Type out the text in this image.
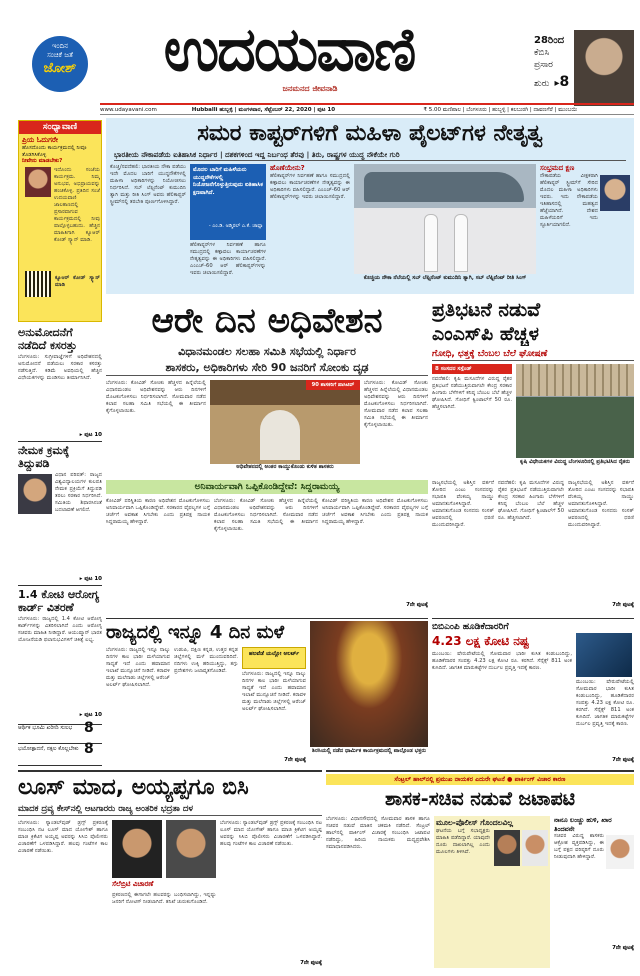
ಇಂದಿನ
ಸಂಚಿಕೆ ಜತೆ
ಜೋಶ್	ಉದಯವಾಣಿ
ಜನಮನದ ಜೀವನಾಡಿ
28ರಿಂದ
ಕೆಬಿಸಿ
ಪ್ರಸಾರ
ಶುರು ▸8
www.udayavani.com	Hubballi ಹುಬ್ಬಳ್ಳಿ | ಮಂಗಳವಾರ, ಸೆಪ್ಟೆಂಬರ್ 22, 2020 | ಪುಟ 10	₹ 5.00 ಮಣಿಪಾಲ | ಬೆಂಗಳೂರು | ಹುಬ್ಬಳ್ಳಿ | ಕಲಬುರಗಿ | ದಾವಣಗೆರೆ | ಮುಂಬಯಿ
ಸಂಧ್ಯಾವಾಣಿ
ಪ್ರಿಯ ಓದುಗರೇ
ಹೊಸದೊಂದು ಕಾರ್ಯಕ್ರಮದಲ್ಲಿ ನೀವೂ ತೊಡಗಿಸಿಕೊಳ್ಳಿ
ನೀವೇನು ಮಾಡಬೇಕು?
ಇದೊಂದು ಸಂಜೆಯ ಕಾರ್ಯಕ್ರಮ. ನಿಮ್ಮ ಅನುಭವ, ಅಭಿಪ್ರಾಯವನ್ನು ಹಂಚಿಕೊಳ್ಳಿ. ಪ್ರತಿದಿನ ಸಂಜೆ ಉದಯವಾಣಿ ಜಾಲತಾಣದಲ್ಲಿ ಪ್ರಸಾರವಾಗುವ ಕಾರ್ಯಕ್ರಮದಲ್ಲಿ ನೀವು ಪಾಲ್ಗೊಳ್ಳಬಹುದು. ಹೆಚ್ಚಿನ ಮಾಹಿತಿಗಾಗಿ ಕ್ಯೂಆರ್ ಕೋಡ್ ಸ್ಕ್ಯಾನ್ ಮಾಡಿ.
ಕ್ಯೂಆರ್ ಕೋಡ್ ಸ್ಕ್ಯಾನ್ ಮಾಡಿ
ಅನುಮೋದನೆಗೆ ನಡೆದಿದೆ ಕಸರತ್ತು
ಬೆಂಗಳೂರು: ಸುಗ್ರೀವಾಜ್ಞೆಗಳಿಗೆ ಅಧಿವೇಶನದಲ್ಲಿ ಅನುಮೋದನೆ ಪಡೆಯಲು ಸರಕಾರ ಕಸರತ್ತು ನಡೆಸುತ್ತಿದೆ. ಕಡಿಮೆ ಅವಧಿಯಲ್ಲಿ ಹೆಚ್ಚಿನ ವಿಧೇಯಕಗಳನ್ನು ಮಂಡಿಸಲು ತೀರ್ಮಾನಿಸಿದೆ.
▸ ಪುಟ 10
ನೇಮಕ ಕ್ರಮಕ್ಕೆ ತಿದ್ದುಪಡಿ
ವಿಧಾನ ಪರಿಷತ್: ರಾಜ್ಯದ ವಿಶ್ವವಿದ್ಯಾಲಯಗಳ ಕುಲಪತಿ ನೇಮಕ ಪ್ರಕ್ರಿಯೆಗೆ ತಿದ್ದುಪಡಿ ತರಲು ಸರಕಾರ ನಿರ್ಧರಿಸಿದೆ. ಸಮಿತಿಯ ಶಿಫಾರಸಿನಂತೆ ಬದಲಾವಣೆ ಆಗಲಿದೆ.
▸ ಪುಟ 10
1.4 ಕೋಟಿ ಆರೋಗ್ಯ ಕಾರ್ಡ್ ವಿತರಣೆ
ಬೆಂಗಳೂರು: ರಾಜ್ಯದಲ್ಲಿ 1.4 ಕೋಟಿ ಆರೋಗ್ಯ ಕಾರ್ಡ್‌ಗಳನ್ನು ವಿತರಿಸಲಾಗಿದೆ ಎಂದು ಆರೋಗ್ಯ ಸಚಿವರು ಮಾಹಿತಿ ನೀಡಿದ್ದಾರೆ. ಆಯುಷ್ಮಾನ್ ಭಾರತ ಯೋಜನೆಯಡಿ ಫಲಾನುಭವಿಗಳಿಗೆ ಚಿಕಿತ್ಸೆ ಲಭ್ಯ.
▸ ಪುಟ 10
ಆರ್ಥಿಕ ಭೂಮಿ ಖರೀದಿ ಸುಲಭ 8
ಭಯೋತ್ಪಾದನೆ, ನಕ್ಸಲ ಕೊಲ್ಲಬೇಕು 8
ಸಮರ ಕಾಪ್ಟರ್‌ಗಳಿಗೆ ಮಹಿಳಾ ಪೈಲಟ್‌ಗಳ ನೇತೃತ್ವ
ಭಾರತೀಯ ನೌಕಾಪಡೆಯ ಐತಿಹಾಸಿಕ ನಿರ್ಧಾರ | ದಶಕಗಳಿಂದ ಇದ್ದ ನಿರ್ಬಂಧ ತೆರವು | ತಿರು, ರಾಷ್ಟ್ರಗಳ ಯುದ್ಧ ನೌಕೆಯೇ ಗುರಿ
ಕೊಚ್ಚಿ/ನವದೆಹಲಿ: ಭಾರತೀಯ ನೌಕಾ ಪಡೆಯು ಇದೇ ಮೊದಲ ಬಾರಿಗೆ ಯುದ್ಧನೌಕೆಗಳಲ್ಲಿ ಮಹಿಳಾ ಅಧಿಕಾರಿಗಳನ್ನು ನಿಯೋಜಿಸಲು ನಿರ್ಧರಿಸಿದೆ. ಸಬ್ ಲೆಫ್ಟಿನೆಂಟ್ ಕುಮುದಿನಿ ತ್ಯಾಗಿ ಮತ್ತು ರೀತಿ ಸಿಂಗ್ ಅವರು ಹೆಲಿಕಾಪ್ಟರ್ ಸ್ಟ್ರೀಮ್‌ನಲ್ಲಿ ತರಬೇತಿ ಪೂರ್ಣಗೊಳಿಸಿದ್ದಾರೆ.
ಮೊದಲ ಬಾರಿಗೆ ಮಹಿಳೆಯರು ಯುದ್ಧನೌಕೆಗಳಲ್ಲಿ ನಿಯೋಜನೆಗೊಳ್ಳುತ್ತಿರುವುದು ಐತಿಹಾಸಿಕ ಕ್ಷಣವಾಗಿದೆ.
- ಎಂ.ಡಿ. ಅಡ್ಮಿರಲ್ ಎ.ಕೆ. ಚಾವ್ಲಾ
ಹೆಲಿಕಾಪ್ಟರ್‌ಗಳ ನಿರ್ವಹಣೆ ಹಾಗೂ ಸಮುದ್ರದಲ್ಲಿ ಕಣ್ಗಾವಲು ಕಾರ್ಯಾಚರಣೆಗಳ ನೇತೃತ್ವವನ್ನು ಈ ಅಧಿಕಾರಿಗಳು ವಹಿಸಲಿದ್ದಾರೆ. ಎಂಎಚ್-60 ಆರ್ ಹೆಲಿಕಾಪ್ಟರ್‌ಗಳನ್ನು ಇವರು ಚಲಾಯಿಸಲಿದ್ದಾರೆ.
ಹೊಣೆಯೇನು?
ಹೆಲಿಕಾಪ್ಟರ್‌ಗಳ ನಿರ್ವಹಣೆ ಹಾಗೂ ಸಮುದ್ರದಲ್ಲಿ ಕಣ್ಗಾವಲು ಕಾರ್ಯಾಚರಣೆಗಳ ನೇತೃತ್ವವನ್ನು ಈ ಅಧಿಕಾರಿಗಳು ವಹಿಸಲಿದ್ದಾರೆ. ಎಂಎಚ್-60 ಆರ್ ಹೆಲಿಕಾಪ್ಟರ್‌ಗಳನ್ನು ಇವರು ಚಲಾಯಿಸಲಿದ್ದಾರೆ.
ಕೊಚ್ಚಿಯ ನೌಕಾ ನೆಲೆಯಲ್ಲಿ ಸಬ್ ಲೆಫ್ಟಿನೆಂಟ್ ಕುಮುದಿನಿ ತ್ಯಾಗಿ, ಸಬ್ ಲೆಫ್ಟಿನೆಂಟ್ ರೀತಿ ಸಿಂಗ್
ಸಂಭ್ರಮದ ಕ್ಷಣ
ನೌಕಾಪಡೆಯ ವೀಕ್ಷಕರಾಗಿ ಹೆಲಿಕಾಪ್ಟರ್ ಸ್ಟ್ರೀಮ್‌ಗೆ ಸೇರಿದ ಮೊದಲ ಮಹಿಳಾ ಅಧಿಕಾರಿಗಳು ಇವರು. ಇದು ನೌಕಾಪಡೆಯ ಇತಿಹಾಸದಲ್ಲಿ ಮಹತ್ವದ ಹೆಜ್ಜೆಯಾಗಿದೆ. ದೇಶದ ಮಹಿಳೆಯರಿಗೆ ಇದು ಸ್ಫೂರ್ತಿಯಾಗಲಿದೆ.
ಆರೇ ದಿನ ಅಧಿವೇಶನ
ವಿಧಾನಮಂಡಲ ಸಲಹಾ ಸಮಿತಿ ಸಭೆಯಲ್ಲಿ ನಿರ್ಧಾರ
ಶಾಸಕರು, ಅಧಿಕಾರಿಗಳು ಸೇರಿ 90 ಜನರಿಗೆ ಸೋಂಕು ದೃಢ
ಬೆಂಗಳೂರು: ಕೋವಿಡ್ ಸೋಂಕು ಹೆಚ್ಚಳದ ಹಿನ್ನೆಲೆಯಲ್ಲಿ ವಿಧಾನಮಂಡಲ ಅಧಿವೇಶನವನ್ನು ಆರು ದಿನಗಳಿಗೆ ಮೊಟಕುಗೊಳಿಸಲು ನಿರ್ಧರಿಸಲಾಗಿದೆ. ಸೋಮವಾರ ನಡೆದ ಕಲಾಪ ಸಲಹಾ ಸಮಿತಿ ಸಭೆಯಲ್ಲಿ ಈ ತೀರ್ಮಾನ ಕೈಗೊಳ್ಳಲಾಯಿತು.
90 ಶಾಸಕರಿಗೆ ಪಾಸಿಟಿವ್
ಅಧಿವೇಶನದಲ್ಲಿ ಅಂತರ ಕಾಯ್ದುಕೊಂಡು ಕುಳಿತ ಶಾಸಕರು
ಬೆಂಗಳೂರು: ಕೋವಿಡ್ ಸೋಂಕು ಹೆಚ್ಚಳದ ಹಿನ್ನೆಲೆಯಲ್ಲಿ ವಿಧಾನಮಂಡಲ ಅಧಿವೇಶನವನ್ನು ಆರು ದಿನಗಳಿಗೆ ಮೊಟಕುಗೊಳಿಸಲು ನಿರ್ಧರಿಸಲಾಗಿದೆ. ಸೋಮವಾರ ನಡೆದ ಕಲಾಪ ಸಲಹಾ ಸಮಿತಿ ಸಭೆಯಲ್ಲಿ ಈ ತೀರ್ಮಾನ ಕೈಗೊಳ್ಳಲಾಯಿತು.
ಅನಿವಾರ್ಯವಾಗಿ ಒಪ್ಪಿಕೊಂಡಿದ್ದೇವೆ: ಸಿದ್ದರಾಮಯ್ಯ
ಕೋವಿಡ್ ಪರಿಸ್ಥಿತಿಯ ಕಾರಣ ಅಧಿವೇಶನ ಮೊಟಕುಗೊಳಿಸಲು ಅನಿವಾರ್ಯವಾಗಿ ಒಪ್ಪಿಕೊಂಡಿದ್ದೇವೆ. ಸರಕಾರದ ವೈಫಲ್ಯಗಳ ಬಗ್ಗೆ ಚರ್ಚೆಗೆ ಅವಕಾಶ ಸಿಗಬೇಕು ಎಂದು ಪ್ರತಿಪಕ್ಷ ನಾಯಕ ಸಿದ್ದರಾಮಯ್ಯ ಹೇಳಿದ್ದಾರೆ.
ಬೆಂಗಳೂರು: ಕೋವಿಡ್ ಸೋಂಕು ಹೆಚ್ಚಳದ ಹಿನ್ನೆಲೆಯಲ್ಲಿ ವಿಧಾನಮಂಡಲ ಅಧಿವೇಶನವನ್ನು ಆರು ದಿನಗಳಿಗೆ ಮೊಟಕುಗೊಳಿಸಲು ನಿರ್ಧರಿಸಲಾಗಿದೆ. ಸೋಮವಾರ ನಡೆದ ಕಲಾಪ ಸಲಹಾ ಸಮಿತಿ ಸಭೆಯಲ್ಲಿ ಈ ತೀರ್ಮಾನ ಕೈಗೊಳ್ಳಲಾಯಿತು.
ಕೋವಿಡ್ ಪರಿಸ್ಥಿತಿಯ ಕಾರಣ ಅಧಿವೇಶನ ಮೊಟಕುಗೊಳಿಸಲು ಅನಿವಾರ್ಯವಾಗಿ ಒಪ್ಪಿಕೊಂಡಿದ್ದೇವೆ. ಸರಕಾರದ ವೈಫಲ್ಯಗಳ ಬಗ್ಗೆ ಚರ್ಚೆಗೆ ಅವಕಾಶ ಸಿಗಬೇಕು ಎಂದು ಪ್ರತಿಪಕ್ಷ ನಾಯಕ ಸಿದ್ದರಾಮಯ್ಯ ಹೇಳಿದ್ದಾರೆ.
7ನೇ ಪುಟಕ್ಕೆ
ಪ್ರತಿಭಟನೆ ನಡುವೆ
ಎಂಎಸ್‌ಪಿ ಹೆಚ್ಚಳ
ಗೋಧಿ, ಛತ್ತಕ್ಕೆ ಬೆಂಬಲ ಬೆಲೆ ಘೋಷಣೆ
8 ಸಂಸದರ ಸಸ್ಪೆಂಡ್
ನವದೆಹಲಿ: ಕೃಷಿ ಮಸೂದೆಗಳ ವಿರುದ್ಧ ರೈತರ ಪ್ರತಿಭಟನೆ ನಡೆಯುತ್ತಿರುವಾಗಲೇ ಕೇಂದ್ರ ಸರಕಾರ ಹಿಂಗಾರು ಬೆಳೆಗಳಿಗೆ ಕನಿಷ್ಠ ಬೆಂಬಲ ಬೆಲೆ ಹೆಚ್ಚಳ ಘೋಷಿಸಿದೆ. ಗೋಧಿಗೆ ಕ್ವಿಂಟಾಲ್‌ಗೆ 50 ರೂ. ಹೆಚ್ಚಿಸಲಾಗಿದೆ.
ಕೃಷಿ ವಿಧೇಯಕಗಳ ವಿರುದ್ಧ ಬೆಂಗಳೂರಿನಲ್ಲಿ ಪ್ರತಿಭಟಿಸಿದ ರೈತರು
ರಾಜ್ಯಸಭೆಯಲ್ಲಿ ಅಶಿಸ್ತಿನ ವರ್ತನೆ ತೋರಿದ ಎಂಟು ಸಂಸದರನ್ನು ಸಭಾಪತಿ ವೆಂಕಯ್ಯ ನಾಯ್ಡು ಅಮಾನತುಗೊಳಿಸಿದ್ದಾರೆ. ಅಮಾನತುಗೊಂಡ ಸಂಸದರು ಸಂಸತ್ ಆವರಣದಲ್ಲಿ ಧರಣಿ ಮುಂದುವರಿಸಿದ್ದಾರೆ.
ನವದೆಹಲಿ: ಕೃಷಿ ಮಸೂದೆಗಳ ವಿರುದ್ಧ ರೈತರ ಪ್ರತಿಭಟನೆ ನಡೆಯುತ್ತಿರುವಾಗಲೇ ಕೇಂದ್ರ ಸರಕಾರ ಹಿಂಗಾರು ಬೆಳೆಗಳಿಗೆ ಕನಿಷ್ಠ ಬೆಂಬಲ ಬೆಲೆ ಹೆಚ್ಚಳ ಘೋಷಿಸಿದೆ. ಗೋಧಿಗೆ ಕ್ವಿಂಟಾಲ್‌ಗೆ 50 ರೂ. ಹೆಚ್ಚಿಸಲಾಗಿದೆ.
ರಾಜ್ಯಸಭೆಯಲ್ಲಿ ಅಶಿಸ್ತಿನ ವರ್ತನೆ ತೋರಿದ ಎಂಟು ಸಂಸದರನ್ನು ಸಭಾಪತಿ ವೆಂಕಯ್ಯ ನಾಯ್ಡು ಅಮಾನತುಗೊಳಿಸಿದ್ದಾರೆ. ಅಮಾನತುಗೊಂಡ ಸಂಸದರು ಸಂಸತ್ ಆವರಣದಲ್ಲಿ ಧರಣಿ ಮುಂದುವರಿಸಿದ್ದಾರೆ.
7ನೇ ಪುಟಕ್ಕೆ
ರಾಜ್ಯದಲ್ಲಿ ಇನ್ನೂ 4 ದಿನ ಮಳೆ
ಬೆಂಗಳೂರು: ರಾಜ್ಯದಲ್ಲಿ ಇನ್ನೂ ನಾಲ್ಕು ದಿನಗಳ ಕಾಲ ಭಾರೀ ಮಳೆಯಾಗುವ ಸಾಧ್ಯತೆ ಇದೆ ಎಂದು ಹವಾಮಾನ ಇಲಾಖೆ ಮುನ್ಸೂಚನೆ ನೀಡಿದೆ. ಕರಾವಳಿ ಮತ್ತು ಮಲೆನಾಡು ಜಿಲ್ಲೆಗಳಲ್ಲಿ ಆರೆಂಜ್ ಅಲರ್ಟ್ ಘೋಷಿಸಲಾಗಿದೆ.
ಉಡುಪಿ, ದಕ್ಷಿಣ ಕನ್ನಡ, ಉತ್ತರ ಕನ್ನಡ ಜಿಲ್ಲೆಗಳಲ್ಲಿ ಮಳೆ ಮುಂದುವರಿದಿದೆ. ನದಿಗಳು ಉಕ್ಕಿ ಹರಿಯುತ್ತಿದ್ದು, ತಗ್ಗು ಪ್ರದೇಶಗಳು ಜಲಾವೃತಗೊಂಡಿವೆ.
ಹಲವೆಡೆ ಯಲ್ಲೋ ಅಲರ್ಟ್
ಬೆಂಗಳೂರು: ರಾಜ್ಯದಲ್ಲಿ ಇನ್ನೂ ನಾಲ್ಕು ದಿನಗಳ ಕಾಲ ಭಾರೀ ಮಳೆಯಾಗುವ ಸಾಧ್ಯತೆ ಇದೆ ಎಂದು ಹವಾಮಾನ ಇಲಾಖೆ ಮುನ್ಸೂಚನೆ ನೀಡಿದೆ. ಕರಾವಳಿ ಮತ್ತು ಮಲೆನಾಡು ಜಿಲ್ಲೆಗಳಲ್ಲಿ ಆರೆಂಜ್ ಅಲರ್ಟ್ ಘೋಷಿಸಲಾಗಿದೆ.
7ನೇ ಪುಟಕ್ಕೆ
ಶಿರಸಿಯಲ್ಲಿ ನಡೆದ ಧಾರ್ಮಿಕ ಕಾರ್ಯಕ್ರಮದಲ್ಲಿ ಪಾಲ್ಗೊಂಡ ಭಕ್ತರು
ಬಿಬಿಎಂಪಿ ಹೂಡಿಕೆದಾರರಿಗೆ
4.23 ಲಕ್ಷ ಕೋಟಿ ನಷ್ಟ
ಮುಂಬಯಿ: ಷೇರುಪೇಟೆಯಲ್ಲಿ ಸೋಮವಾರ ಭಾರೀ ಕುಸಿತ ಕಂಡುಬಂದಿದ್ದು, ಹೂಡಿಕೆದಾರರ ಸಂಪತ್ತು 4.23 ಲಕ್ಷ ಕೋಟಿ ರೂ. ಕರಗಿದೆ. ಸೆನ್ಸೆಕ್ಸ್ 811 ಅಂಕ ಕುಸಿದಿದೆ. ಜಾಗತಿಕ ಮಾರುಕಟ್ಟೆಗಳ ದುರ್ಬಲ ಪ್ರವೃತ್ತಿ ಇದಕ್ಕೆ ಕಾರಣ.
ಮುಂಬಯಿ: ಷೇರುಪೇಟೆಯಲ್ಲಿ ಸೋಮವಾರ ಭಾರೀ ಕುಸಿತ ಕಂಡುಬಂದಿದ್ದು, ಹೂಡಿಕೆದಾರರ ಸಂಪತ್ತು 4.23 ಲಕ್ಷ ಕೋಟಿ ರೂ. ಕರಗಿದೆ. ಸೆನ್ಸೆಕ್ಸ್ 811 ಅಂಕ ಕುಸಿದಿದೆ. ಜಾಗತಿಕ ಮಾರುಕಟ್ಟೆಗಳ ದುರ್ಬಲ ಪ್ರವೃತ್ತಿ ಇದಕ್ಕೆ ಕಾರಣ.
7ನೇ ಪುಟಕ್ಕೆ
ಲೂಸ್ ಮಾದ, ಅಯ್ಯಪ್ಪಗೂ ಬಿಸಿ
ಮಾದಕ ದ್ರವ್ಯ ಕೇಸ್‌ನಲ್ಲಿ ಆಟಗಾರರು ರಾಜ್ಯ ಅಂತರಿಕ ಭದ್ರತಾ ದಳ
ಬೆಂಗಳೂರು: ಸ್ಯಾಂಡಲ್‌ವುಡ್ ಡ್ರಗ್ಸ್ ಪ್ರಕರಣಕ್ಕೆ ಸಂಬಂಧಿಸಿ ನಟ ಲೂಸ್ ಮಾದ ಯೋಗೇಶ್ ಹಾಗೂ ಮಾಜಿ ಕ್ರಿಕೆಟಿಗ ಅಯ್ಯಪ್ಪ ಅವರನ್ನು ಸಿಸಿಬಿ ಪೊಲೀಸರು ವಿಚಾರಣೆಗೆ ಒಳಪಡಿಸಿದ್ದಾರೆ. ಹಲವು ಗಂಟೆಗಳ ಕಾಲ ವಿಚಾರಣೆ ನಡೆಯಿತು.
ಸೆಲೆಬ್ರಿಟಿ ವಿಚಾರಣೆ
ಪ್ರಕರಣದಲ್ಲಿ ಈಗಾಗಲೇ ಹಲವರನ್ನು ಬಂಧಿಸಲಾಗಿದ್ದು, ಇನ್ನಷ್ಟು ಜನರಿಗೆ ನೋಟಿಸ್ ನೀಡಲಾಗಿದೆ. ತನಿಖೆ ಚುರುಕುಗೊಂಡಿದೆ.
ಬೆಂಗಳೂರು: ಸ್ಯಾಂಡಲ್‌ವುಡ್ ಡ್ರಗ್ಸ್ ಪ್ರಕರಣಕ್ಕೆ ಸಂಬಂಧಿಸಿ ನಟ ಲೂಸ್ ಮಾದ ಯೋಗೇಶ್ ಹಾಗೂ ಮಾಜಿ ಕ್ರಿಕೆಟಿಗ ಅಯ್ಯಪ್ಪ ಅವರನ್ನು ಸಿಸಿಬಿ ಪೊಲೀಸರು ವಿಚಾರಣೆಗೆ ಒಳಪಡಿಸಿದ್ದಾರೆ. ಹಲವು ಗಂಟೆಗಳ ಕಾಲ ವಿಚಾರಣೆ ನಡೆಯಿತು.
7ನೇ ಪುಟಕ್ಕೆ
ಸೆಂಟ್ರಲ್ ಹಾಲ್‌ನಲ್ಲಿ ಪ್ರಮುಖ ನಾಯಕರ ಎದುರೇ ಘಟನೆ ● ಪಾರ್ಕಿಂಗ್ ವಿಚಾರ ಕಾರಣ
ಶಾಸಕ-ಸಚಿವ ನಡುವೆ ಜಟಾಪಟಿ
ಬೆಂಗಳೂರು: ವಿಧಾನಸೌಧದಲ್ಲಿ ಸೋಮವಾರ ಶಾಸಕ ಹಾಗೂ ಸಚಿವರ ನಡುವೆ ಮಾತಿನ ಚಕಮಕಿ ನಡೆದಿದೆ. ಸೆಂಟ್ರಲ್ ಹಾಲ್‌ನಲ್ಲಿ ಪಾರ್ಕಿಂಗ್ ವಿಚಾರಕ್ಕೆ ಸಂಬಂಧಿಸಿ ಜಟಾಪಟಿ ನಡೆದಿದ್ದು, ಹಿರಿಯ ನಾಯಕರು ಮಧ್ಯಪ್ರವೇಶಿಸಿ ಸಮಾಧಾನಪಡಿಸಿದರು.
ಮೂಲ-ಪೊಲೀಸ್ ಗೊಂದಲವಿಲ್ಲ
ಘಟನೆಯ ಬಗ್ಗೆ ಸಭಾಧ್ಯಕ್ಷರು ಮಾಹಿತಿ ಪಡೆದಿದ್ದಾರೆ. ಯಾವುದೇ ದೂರು ದಾಖಲಾಗಿಲ್ಲ ಎಂದು ಮೂಲಗಳು ತಿಳಿಸಿವೆ.
ನಾನೂ ಲಂಚ್ಚು ಹುಳಿ, ಖಾರ ತಿಂದವನೇ
ಸಚಿವರ ವಿರುದ್ಧ ಶಾಸಕರು ಆಕ್ರೋಶ ವ್ಯಕ್ತಪಡಿಸಿದ್ದು, ಈ ಬಗ್ಗೆ ಪಕ್ಷದ ವರಿಷ್ಠರಿಗೆ ದೂರು ನೀಡುವುದಾಗಿ ಹೇಳಿದ್ದಾರೆ.
7ನೇ ಪುಟಕ್ಕೆ
